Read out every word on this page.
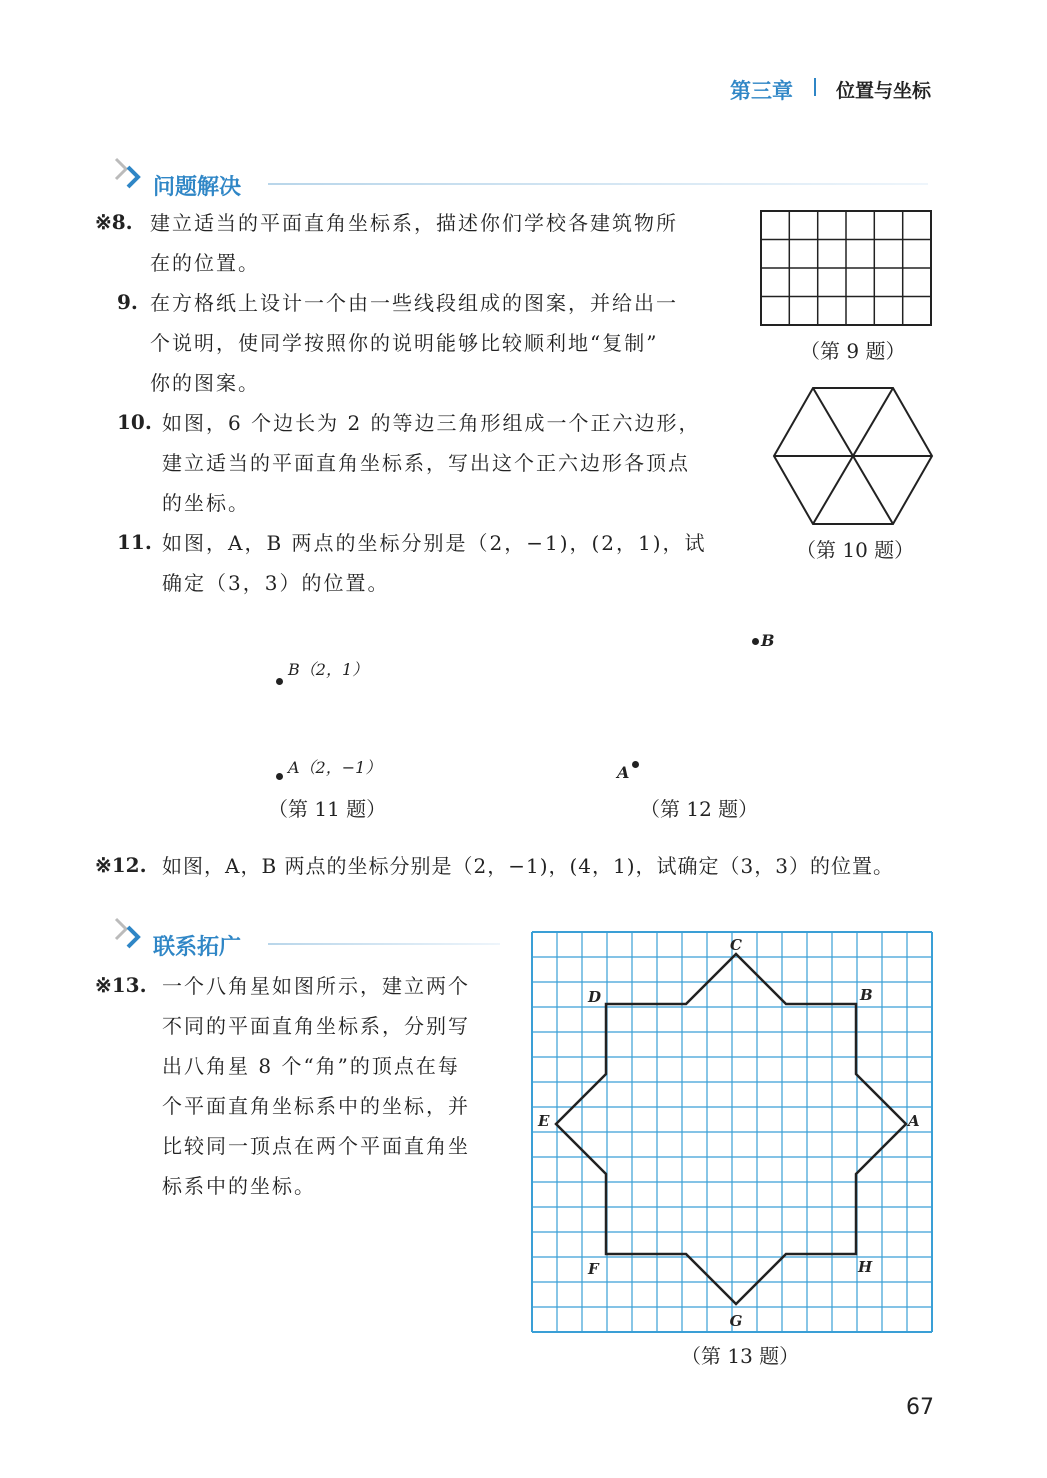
第三章 位置与坐标
问题解决
※8. 建立适当的平面直角坐标系，描述你们学校各建筑物所
在的位置。
9. 在方格纸上设计一个由一些线段组成的图案，并给出一
个说明，使同学按照你的说明能够比较顺利地“复制”
你的图案。
10. 如图，6 个边长为 2 的等边三角形组成一个正六边形，
建立适当的平面直角坐标系，写出这个正六边形各顶点
的坐标。
11. 如图，A，B 两点的坐标分别是（2，−1)，(2，1)，试
确定（3，3）的位置。
（第 9 题）
（第 10 题）
B（2，1）
A（2，−1）
（第 11 题）
B
A
（第 12 题）
※12. 如图，A，B 两点的坐标分别是（2，−1)，(4，1)，试确定（3，3）的位置。
联系拓广
※13. 一个八角星如图所示，建立两个
不同的平面直角坐标系，分别写
出八角星 8 个“角”的顶点在每
个平面直角坐标系中的坐标，并
比较同一顶点在两个平面直角坐
标系中的坐标。
A
B
C
D
E
F
G
H
（第 13 题）
67
